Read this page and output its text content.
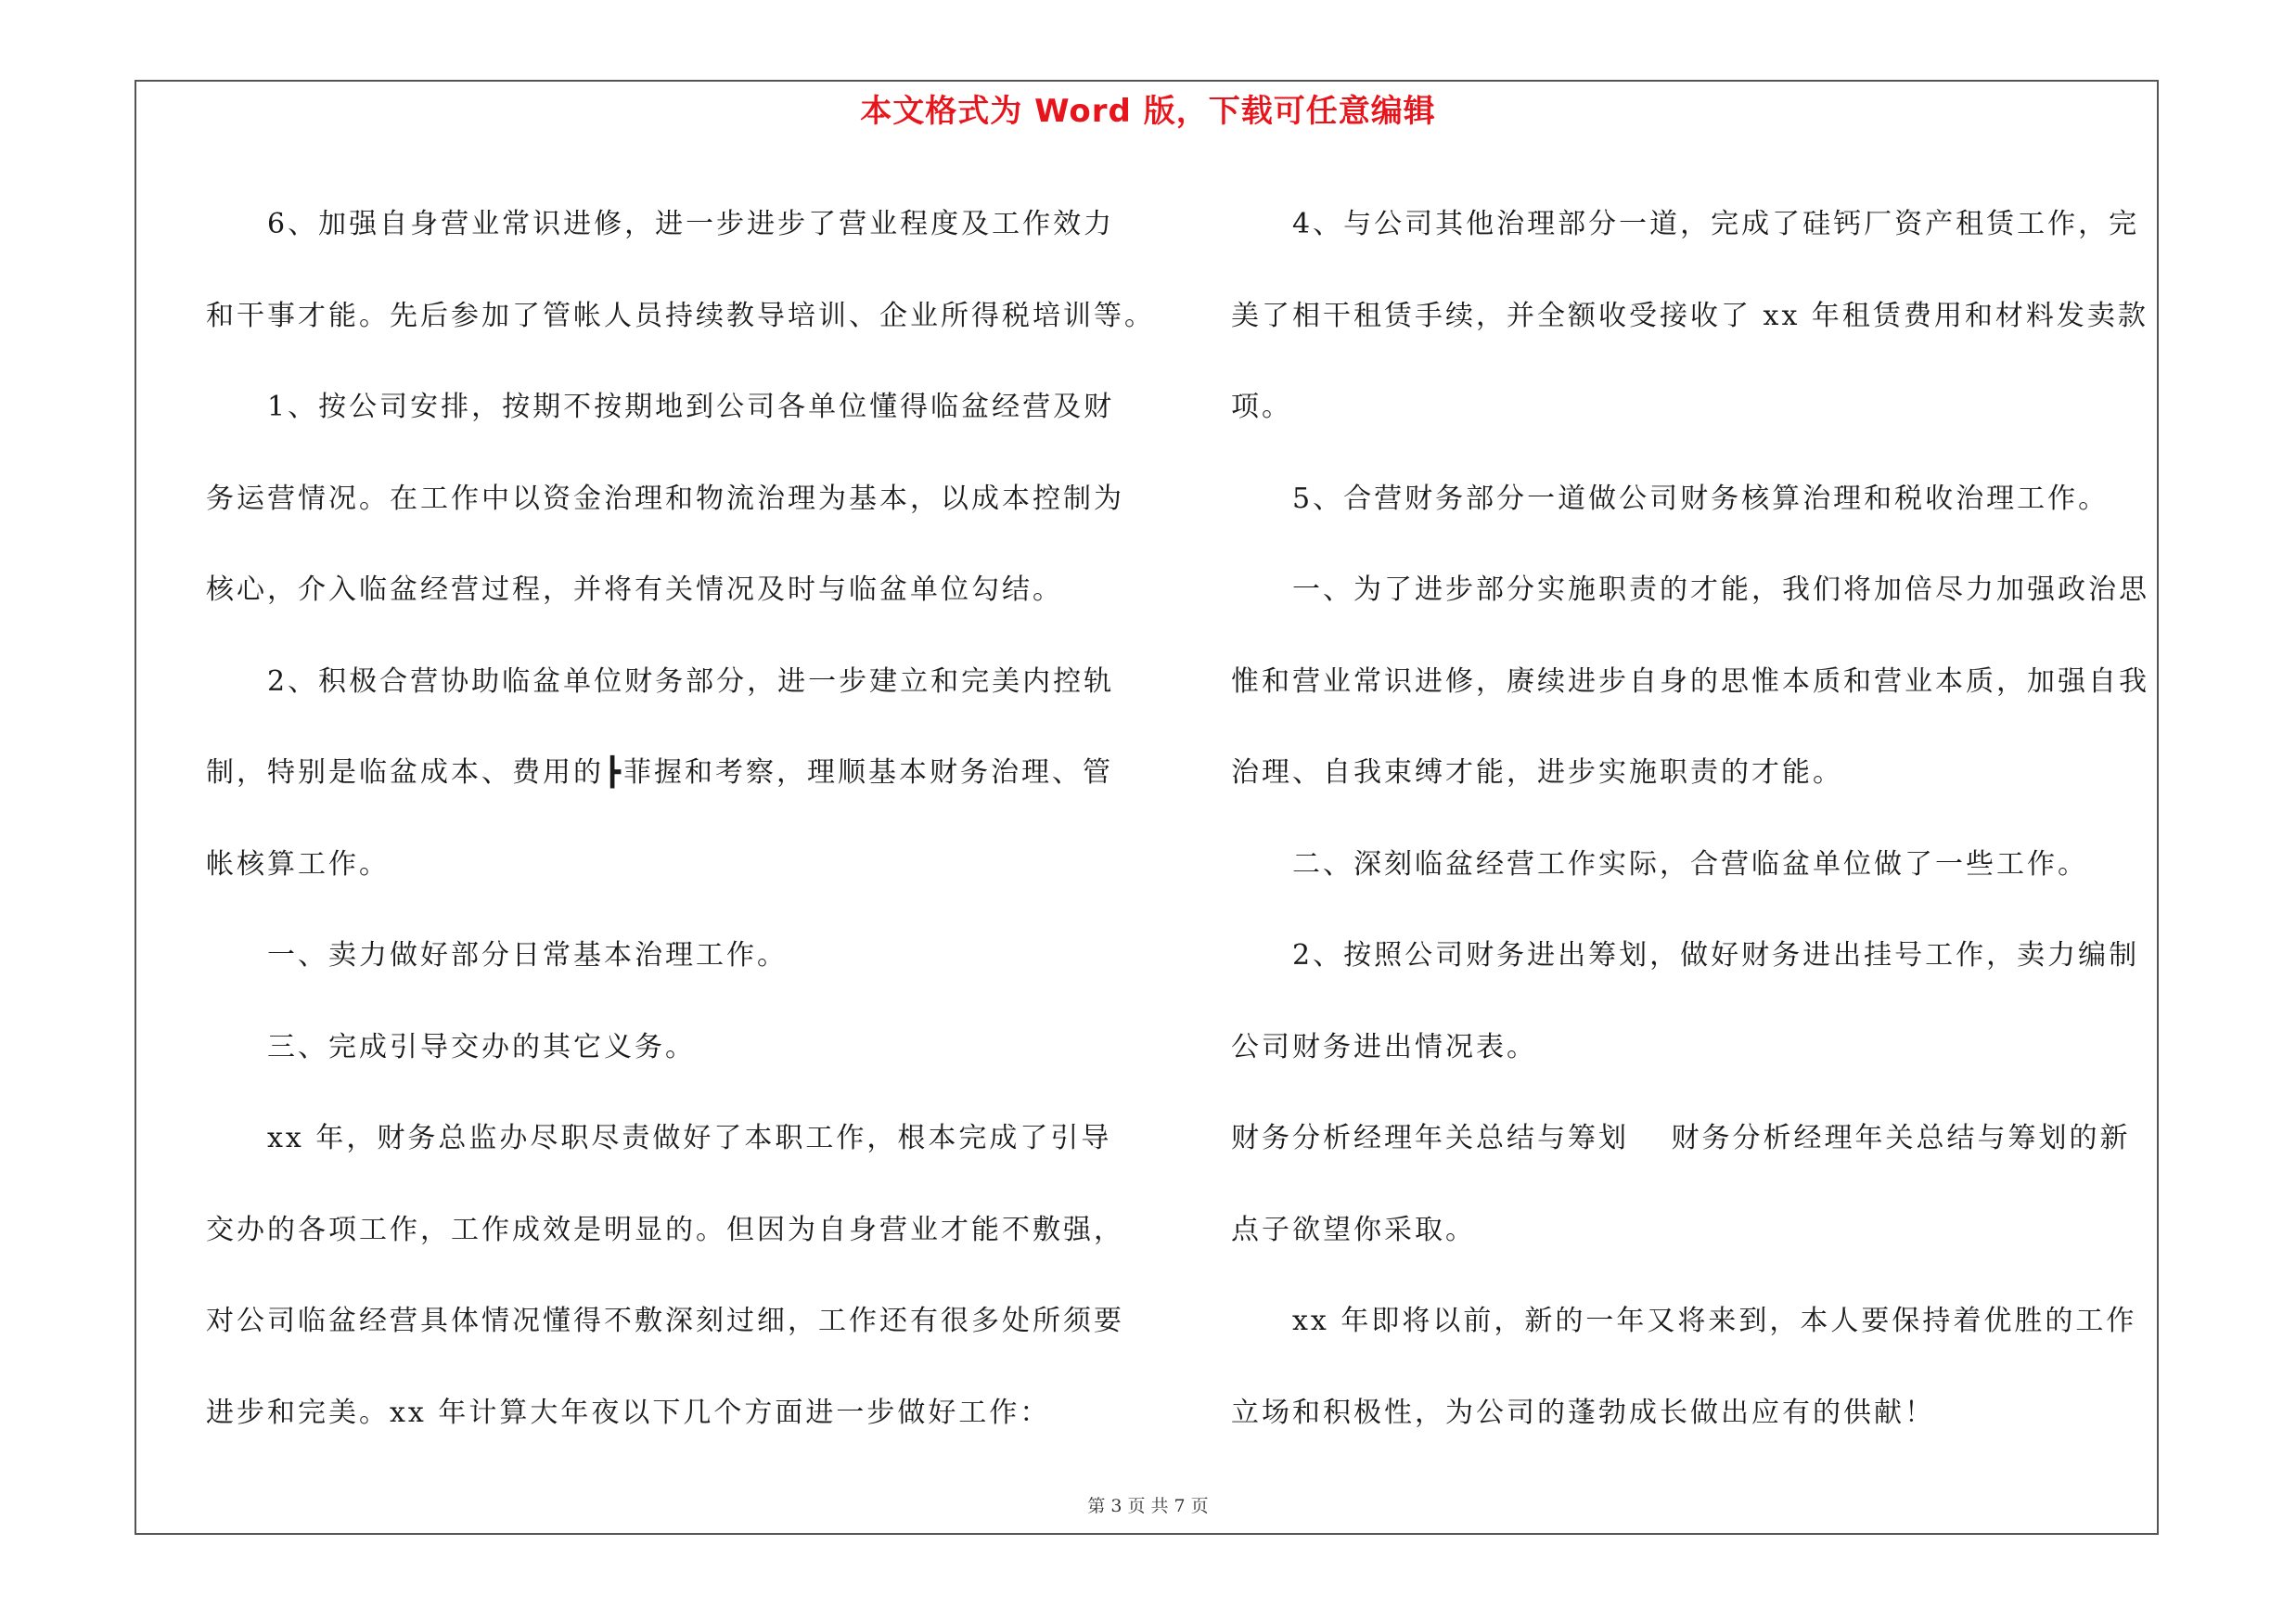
本文格式为 Word 版，下载可任意编辑
6、加强自身营业常识进修，进一步进步了营业程度及工作效力
和干事才能。先后参加了管帐人员持续教导培训、企业所得税培训等。
1、按公司安排，按期不按期地到公司各单位懂得临盆经营及财
务运营情况。在工作中以资金治理和物流治理为基本，以成本控制为
核心，介入临盆经营过程，并将有关情况及时与临盆单位勾结。
2、积极合营协助临盆单位财务部分，进一步建立和完美内控轨
制，特别是临盆成本、费用的┣菲握和考察，理顺基本财务治理、管
帐核算工作。
一、卖力做好部分日常基本治理工作。
三、完成引导交办的其它义务。
xx 年，财务总监办尽职尽责做好了本职工作，根本完成了引导
交办的各项工作，工作成效是明显的。但因为自身营业才能不敷强，
对公司临盆经营具体情况懂得不敷深刻过细，工作还有很多处所须要
进步和完美。xx 年计算大年夜以下几个方面进一步做好工作：
4、与公司其他治理部分一道，完成了硅钙厂资产租赁工作，完
美了相干租赁手续，并全额收受接收了 xx 年租赁费用和材料发卖款
项。
5、合营财务部分一道做公司财务核算治理和税收治理工作。
一、为了进步部分实施职责的才能，我们将加倍尽力加强政治思
惟和营业常识进修，赓续进步自身的思惟本质和营业本质，加强自我
治理、自我束缚才能，进步实施职责的才能。
二、深刻临盆经营工作实际，合营临盆单位做了一些工作。
2、按照公司财务进出筹划，做好财务进出挂号工作，卖力编制
公司财务进出情况表。
财务分析经理年关总结与筹划　 财务分析经理年关总结与筹划的新
点子欲望你采取。
xx 年即将以前，新的一年又将来到，本人要保持着优胜的工作
立场和积极性，为公司的蓬勃成长做出应有的供献！
第 3 页 共 7 页
